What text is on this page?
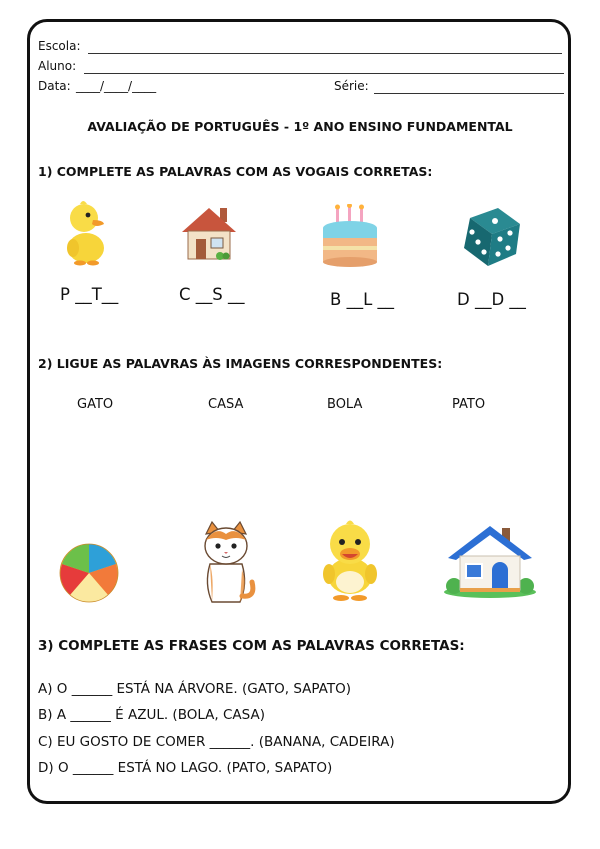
Escola:
Aluno:
Data: ____/____/____	Série:
AVALIAÇÃO DE PORTUGUÊS - 1º ANO ENSINO FUNDAMENTAL
1) COMPLETE AS PALAVRAS COM AS VOGAIS CORRETAS:
P __T__	C __S __	B __L __	D __D __
2) LIGUE AS PALAVRAS ÀS IMAGENS CORRESPONDENTES:
GATO	CASA	BOLA	PATO
3) COMPLETE AS FRASES COM AS PALAVRAS CORRETAS:
A) O ______ ESTÁ NA ÁRVORE. (GATO, SAPATO)
B) A ______ É AZUL. (BOLA, CASA)
C) EU GOSTO DE COMER ______. (BANANA, CADEIRA)
D) O ______ ESTÁ NO LAGO. (PATO, SAPATO)
